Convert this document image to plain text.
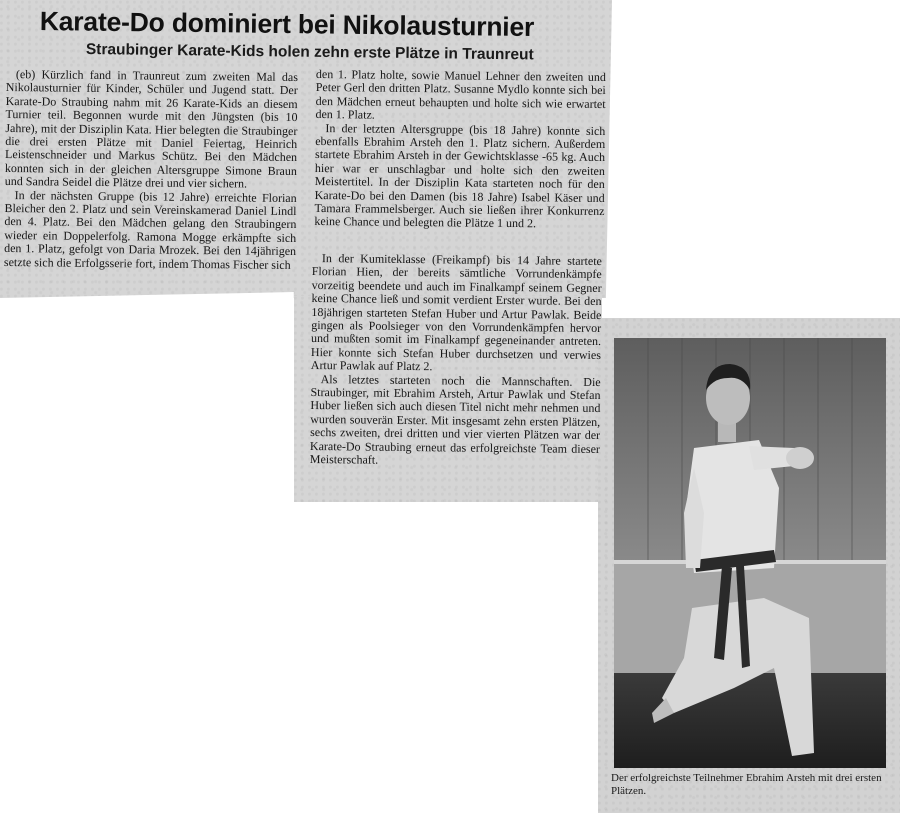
Karate-Do dominiert bei Nikolausturnier
Straubinger Karate-Kids holen zehn erste Plätze in Traunreut

(eb) Kürzlich fand in Traunreut zum zweiten Mal das Nikolausturnier für Kinder, Schüler und Jugend statt. Der Karate-Do Straubing nahm mit 26 Karate-Kids an diesem Turnier teil. Begonnen wurde mit den Jüngsten (bis 10 Jahre), mit der Disziplin Kata. Hier belegten die Straubinger die drei ersten Plätze mit Daniel Feiertag, Heinrich Leistenschneider und Markus Schütz. Bei den Mädchen konnten sich in der gleichen Altersgruppe Simone Braun und Sandra Seidel die Plätze drei und vier sichern.

In der nächsten Gruppe (bis 12 Jahre) erreichte Florian Bleicher den 2. Platz und sein Vereinskamerad Daniel Lindl den 4. Platz. Bei den Mädchen gelang den Straubingern wieder ein Doppelerfolg. Ramona Mogge erkämpfte sich den 1. Platz, gefolgt von Daria Mrozek. Bei den 14jährigen setzte sich die Erfolgsserie fort, indem Thomas Fischer sich

den 1. Platz holte, sowie Manuel Lehner den zweiten und Peter Gerl den dritten Platz. Susanne Mydlo konnte sich bei den Mädchen erneut behaupten und holte sich wie erwartet den 1. Platz.

In der letzten Altersgruppe (bis 18 Jahre) konnte sich ebenfalls Ebrahim Arsteh den 1. Platz sichern. Außerdem startete Ebrahim Arsteh in der Gewichtsklasse -65 kg. Auch hier war er unschlagbar und holte sich den zweiten Meistertitel. In der Disziplin Kata starteten noch für den Karate-Do bei den Damen (bis 18 Jahre) Isabel Käser und Tamara Frammelsberger. Auch sie ließen ihrer Konkurrenz keine Chance und belegten die Plätze 1 und 2.

In der Kumiteklasse (Freikampf) bis 14 Jahre startete Florian Hien, der bereits sämtliche Vorrundenkämpfe vorzeitig beendete und auch im Finalkampf seinem Gegner keine Chance ließ und somit verdient Erster wurde. Bei den 18jährigen starteten Stefan Huber und Artur Pawlak. Beide gingen als Poolsieger von den Vorrundenkämpfen hervor und mußten somit im Finalkampf gegeneinander antreten. Hier konnte sich Stefan Huber durchsetzen und verwies Artur Pawlak auf Platz 2.

Als letztes starteten noch die Mannschaften. Die Straubinger, mit Ebrahim Arsteh, Artur Pawlak und Stefan Huber ließen sich auch diesen Titel nicht mehr nehmen und wurden souverän Erster. Mit insgesamt zehn ersten Plätzen, sechs zweiten, drei dritten und vier vierten Plätzen war der Karate-Do Straubing erneut das erfolgreichste Team dieser Meisterschaft.

Der erfolgreichste Teilnehmer Ebrahim Arsteh mit drei ersten Plätzen.
